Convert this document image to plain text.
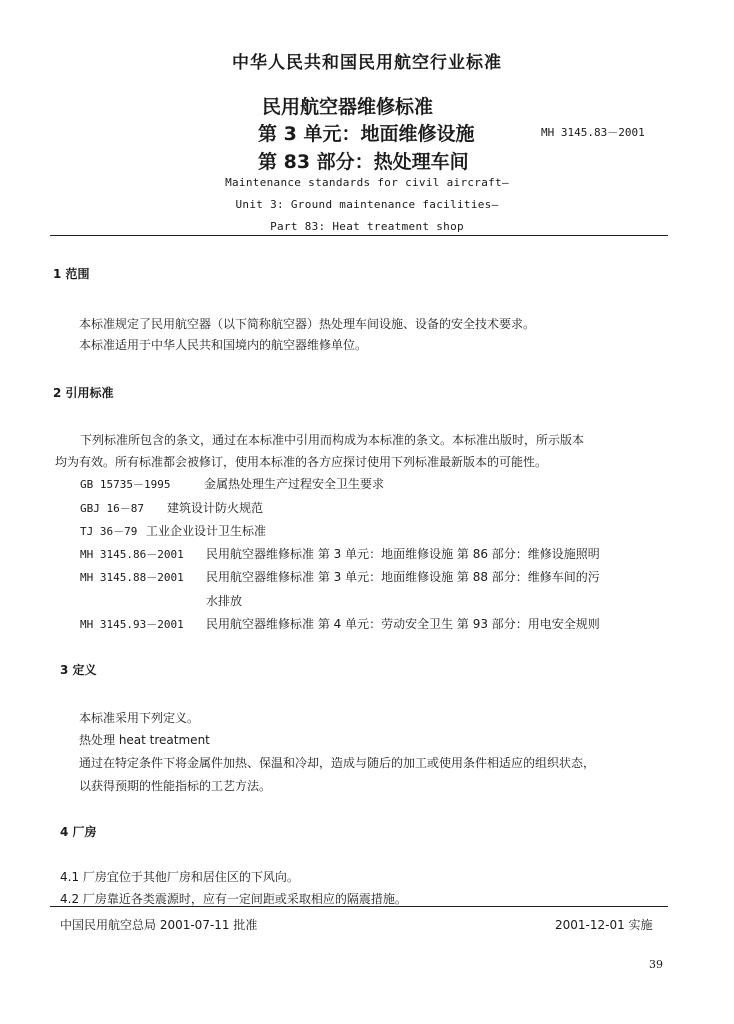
中华人民共和国民用航空行业标准
民用航空器维修标准
第 3 单元：地面维修设施
第 83 部分：热处理车间
MH 3145.83－2001
Maintenance standards for civil aircraft—
Unit 3: Ground maintenance facilities—
Part 83: Heat treatment shop
1 范围
本标准规定了民用航空器（以下简称航空器）热处理车间设施、设备的安全技术要求。
本标准适用于中华人民共和国境内的航空器维修单位。
2 引用标准
下列标准所包含的条文，通过在本标准中引用而构成为本标准的条文。本标准出版时，所示版本
均为有效。所有标准都会被修订，使用本标准的各方应探讨使用下列标准最新版本的可能性。
GB 15735－1995	金属热处理生产过程安全卫生要求
GBJ 16－87 建筑设计防火规范
TJ 36－79 工业企业设计卫生标准
MH 3145.86－2001 民用航空器维修标准 第 3 单元：地面维修设施 第 86 部分：维修设施照明
MH 3145.88－2001 民用航空器维修标准 第 3 单元：地面维修设施 第 88 部分：维修车间的污
水排放
MH 3145.93－2001 民用航空器维修标准 第 4 单元：劳动安全卫生 第 93 部分：用电安全规则
3 定义
本标准采用下列定义。
热处理 heat treatment
通过在特定条件下将金属件加热、保温和冷却，造成与随后的加工或使用条件相适应的组织状态，
以获得预期的性能指标的工艺方法。
4 厂房
4.1 厂房宜位于其他厂房和居住区的下风向。
4.2 厂房靠近各类震源时，应有一定间距或采取相应的隔震措施。
中国民用航空总局 2001-07-11 批准	2001-12-01 实施
39
